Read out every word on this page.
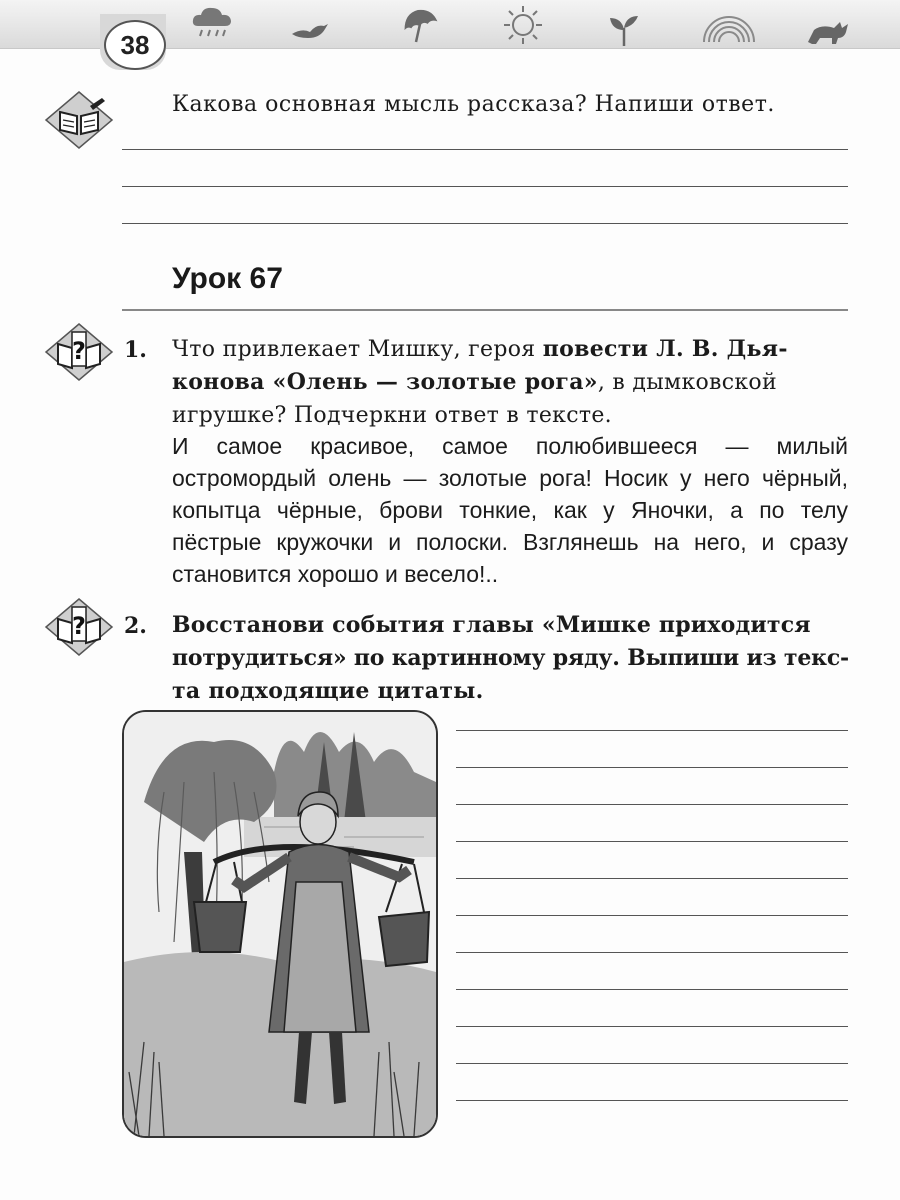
38
Какова основная мысль рассказа? Напиши ответ.
Урок 67
? 1. Что привлекает Мишку, героя повести Л. В. Дья-
конова «Олень — золотые рога», в дымковской
игрушке? Подчеркни ответ в тексте.
И самое красивое, самое полюбившееся — милый остромордый олень — золотые рога! Носик у него чёрный, копытца чёрные, брови тонкие, как у Яночки, а по телу пёстрые кружочки и полоски. Взглянешь на него, и сразу становится хорошо и весело!..
? 2. Восстанови события главы «Мишке приходится
потрудиться» по картинному ряду. Выпиши из текс-
та подходящие цитаты.
